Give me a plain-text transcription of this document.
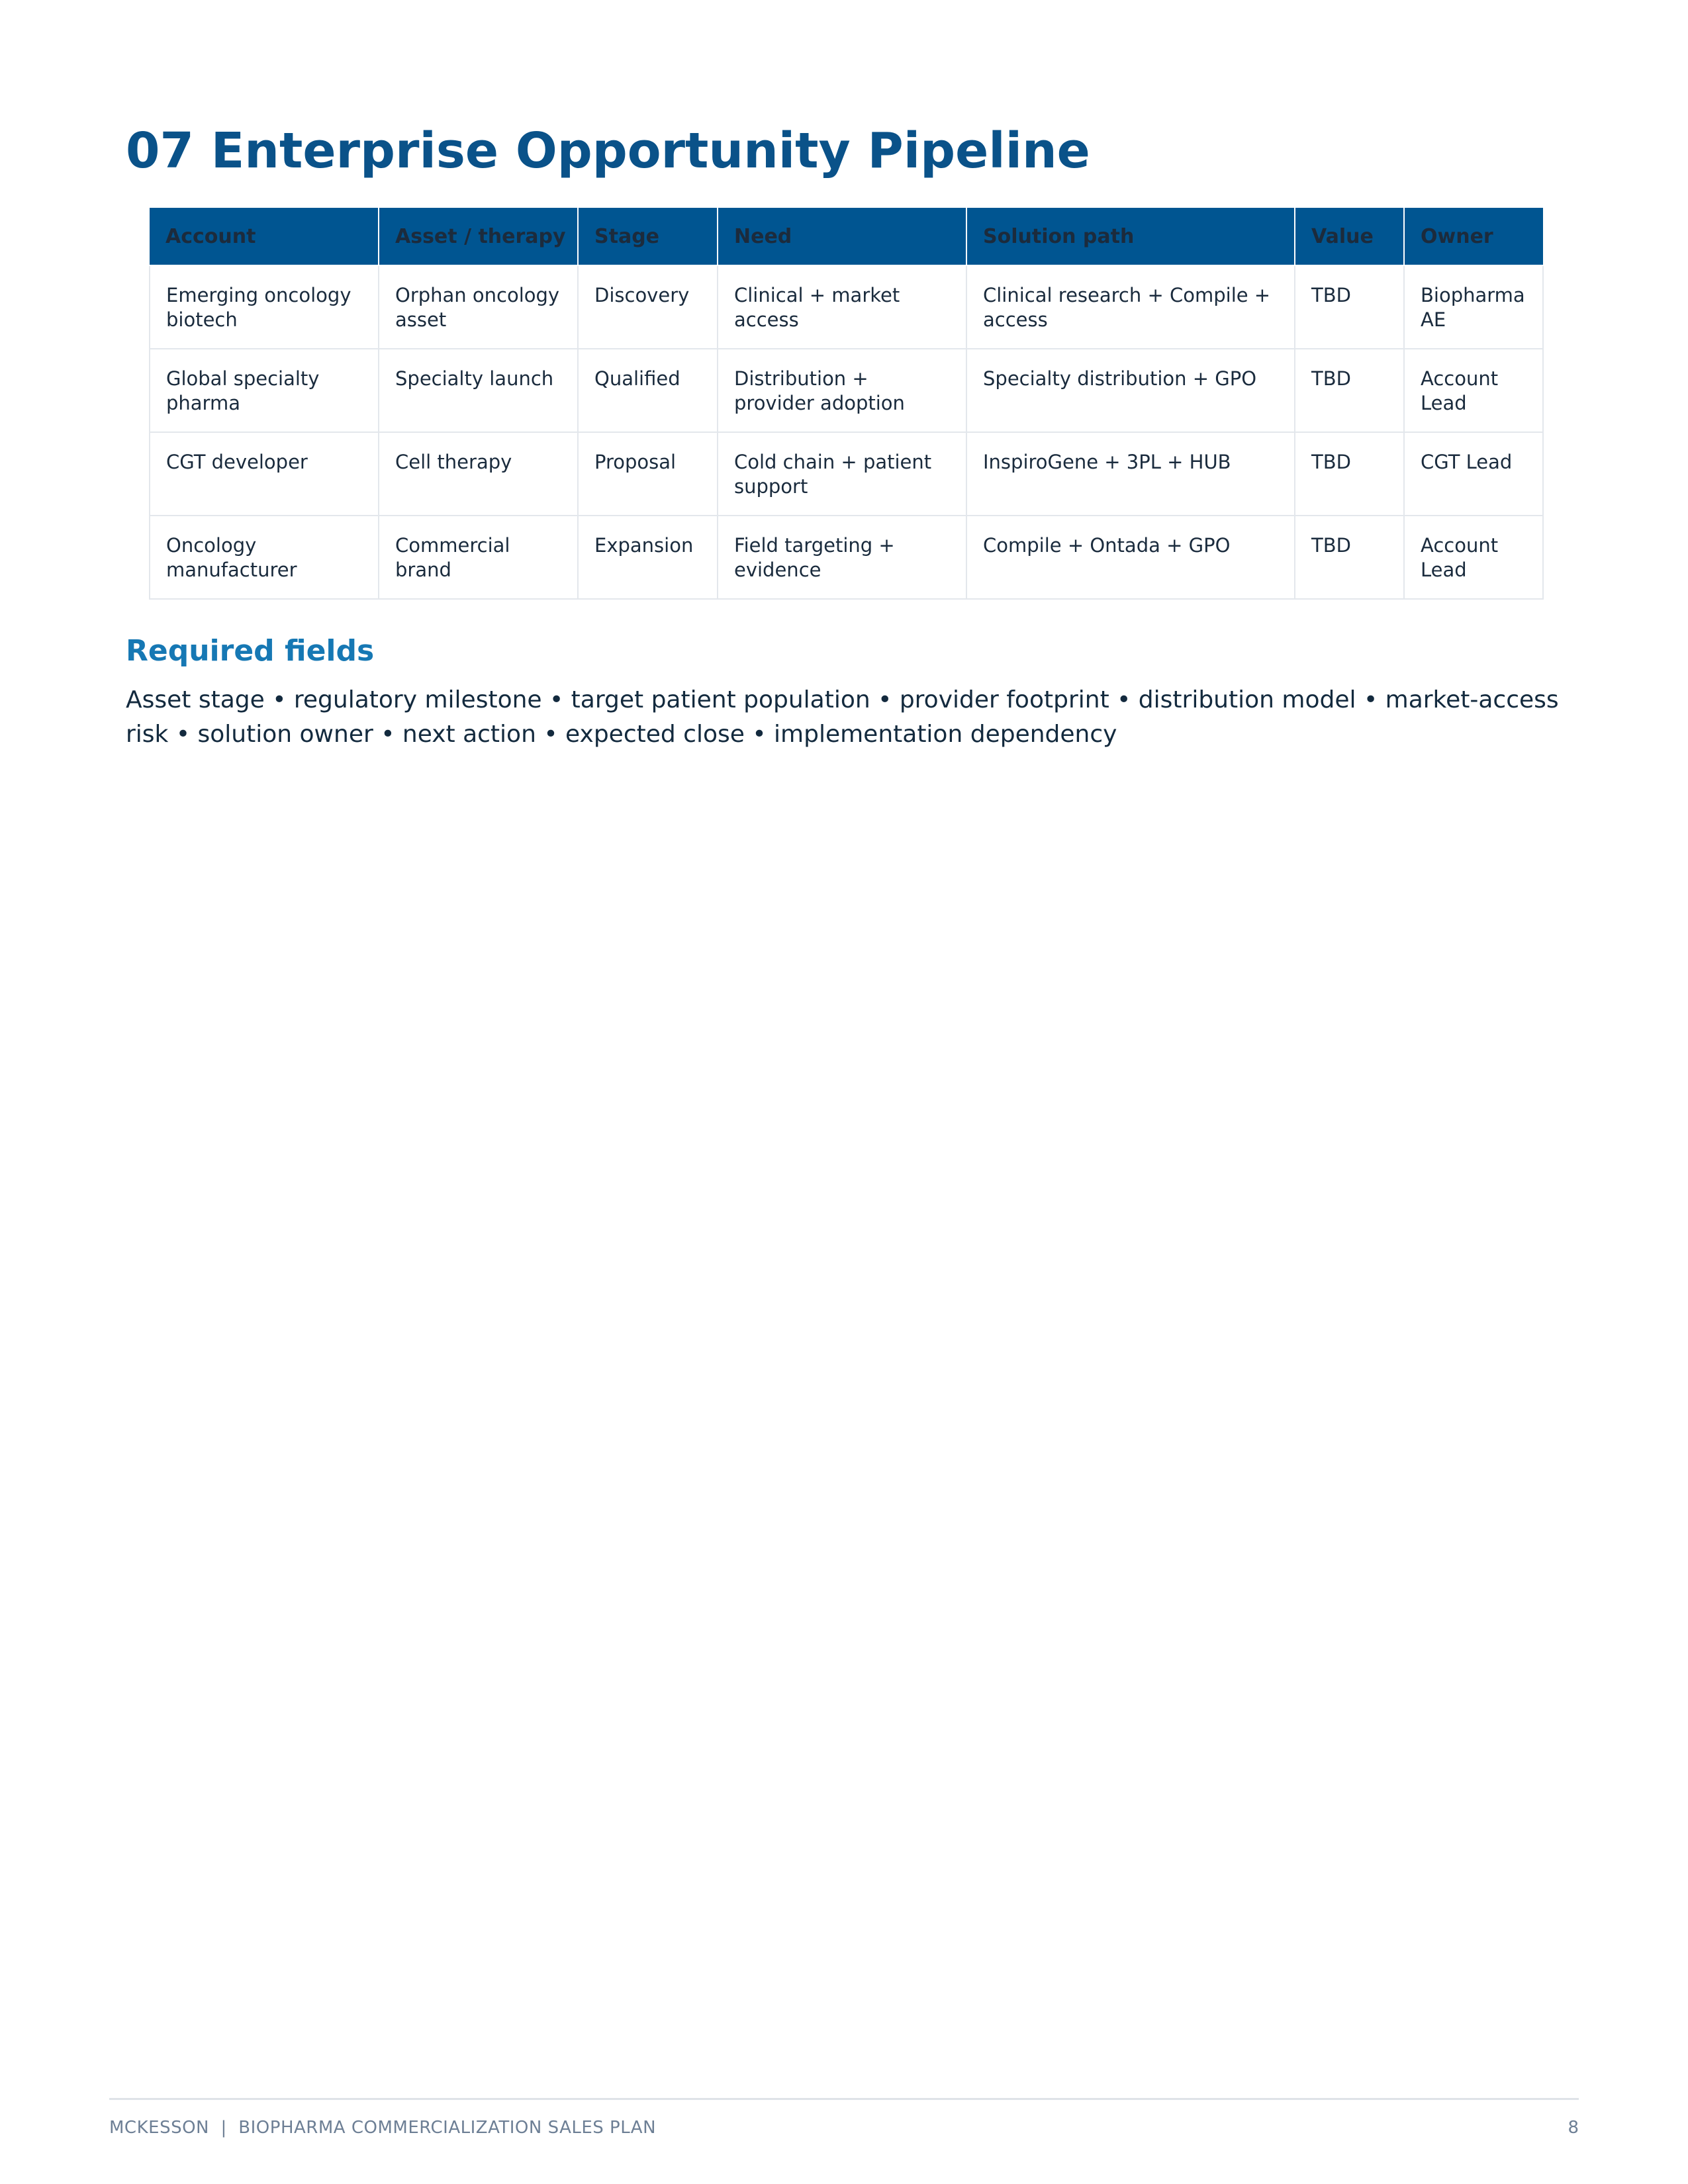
07 Enterprise Opportunity Pipeline
Account	Asset / therapy	Stage	Need	Solution path	Value	Owner
Emerging oncology biotech	Orphan oncology asset	Discovery	Clinical + market access	Clinical research + Compile + access	TBD	Biopharma AE
Global specialty pharma	Specialty launch	Qualified	Distribution + provider adoption	Specialty distribution + GPO	TBD	Account Lead
CGT developer	Cell therapy	Proposal	Cold chain + patient support	InspiroGene + 3PL + HUB	TBD	CGT Lead
Oncology manufacturer	Commercial brand	Expansion	Field targeting + evidence	Compile + Ontada + GPO	TBD	Account Lead
Required fields

Asset stage • regulatory milestone • target patient population • provider footprint • distribution model • market-access risk • solution owner • next action • expected close • implementation dependency

MCKESSON  |  BIOPHARMA COMMERCIALIZATION SALES PLAN	8
